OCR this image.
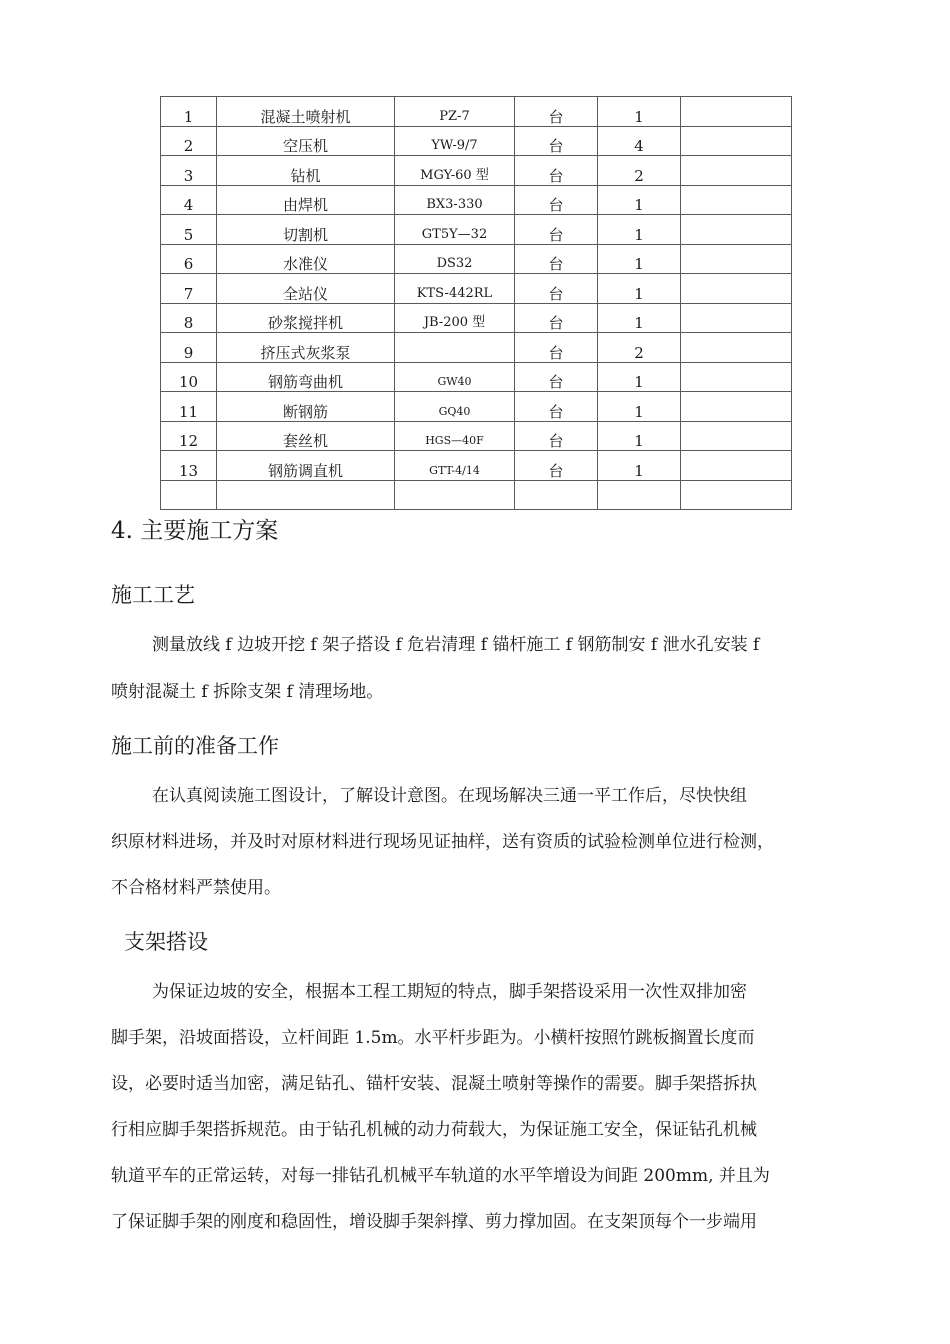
1	混凝土喷射机	PZ-7	台	1	
2	空压机	YW-9/7	台	4	
3	钻机	MGY-60 型	台	2	
4	由焊机	BX3-330	台	1	
5	切割机	GT5Y—32	台	1	
6	水准仪	DS32	台	1	
7	全站仪	KTS-442RL	台	1	
8	砂浆搅拌机	JB-200 型	台	1	
9	挤压式灰浆泵		台	2	
10	钢筋弯曲机	GW40	台	1	
11	断钢筋	GQ40	台	1	
12	套丝机	HGS—40F	台	1	
13	钢筋调直机	GTT-4/14	台	1	

4. 主要施工方案
施工工艺
测量放线 f 边坡开挖 f 架子搭设 f 危岩清理 f 锚杆施工 f 钢筋制安 f 泄水孔安装 f
喷射混凝土 f 拆除支架 f 清理场地。
施工前的准备工作
在认真阅读施工图设计，了解设计意图。在现场解决三通一平工作后，尽快快组
织原材料进场，并及时对原材料进行现场见证抽样，送有资质的试验检测单位进行检测，
不合格材料严禁使用。
支架搭设
为保证边坡的安全，根据本工程工期短的特点，脚手架搭设采用一次性双排加密
脚手架，沿坡面搭设，立杆间距 1.5m。水平杆步距为。小横杆按照竹跳板搁置长度而
设，必要时适当加密，满足钻孔、锚杆安装、混凝土喷射等操作的需要。脚手架搭拆执
行相应脚手架搭拆规范。由于钻孔机械的动力荷载大，为保证施工安全，保证钻孔机械
轨道平车的正常运转，对每一排钻孔机械平车轨道的水平竿增设为间距 200mm, 并且为
了保证脚手架的刚度和稳固性，增设脚手架斜撑、剪力撑加固。在支架顶每个一步端用
